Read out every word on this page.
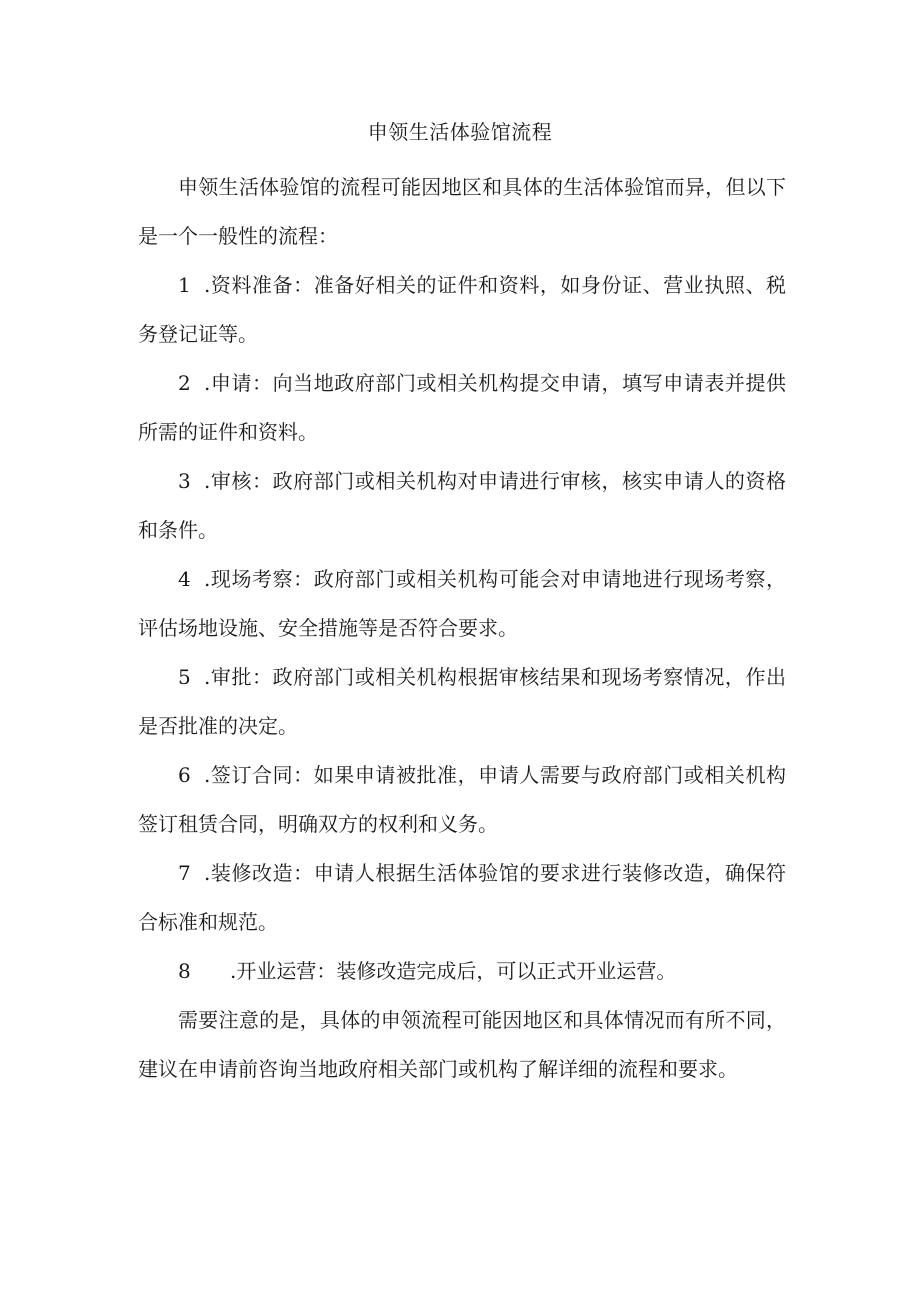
申领生活体验馆流程

申领生活体验馆的流程可能因地区和具体的生活体验馆而异，但以下是一个一般性的流程：

1 .资料准备：准备好相关的证件和资料，如身份证、营业执照、税务登记证等。

2 .申请：向当地政府部门或相关机构提交申请，填写申请表并提供所需的证件和资料。

3 .审核：政府部门或相关机构对申请进行审核，核实申请人的资格和条件。

4 .现场考察：政府部门或相关机构可能会对申请地进行现场考察，评估场地设施、安全措施等是否符合要求。

5 .审批：政府部门或相关机构根据审核结果和现场考察情况，作出是否批准的决定。

6 .签订合同：如果申请被批准，申请人需要与政府部门或相关机构签订租赁合同，明确双方的权利和义务。

7 .装修改造：申请人根据生活体验馆的要求进行装修改造，确保符合标准和规范。

8 .开业运营：装修改造完成后，可以正式开业运营。

需要注意的是，具体的申领流程可能因地区和具体情况而有所不同，建议在申请前咨询当地政府相关部门或机构了解详细的流程和要求。
